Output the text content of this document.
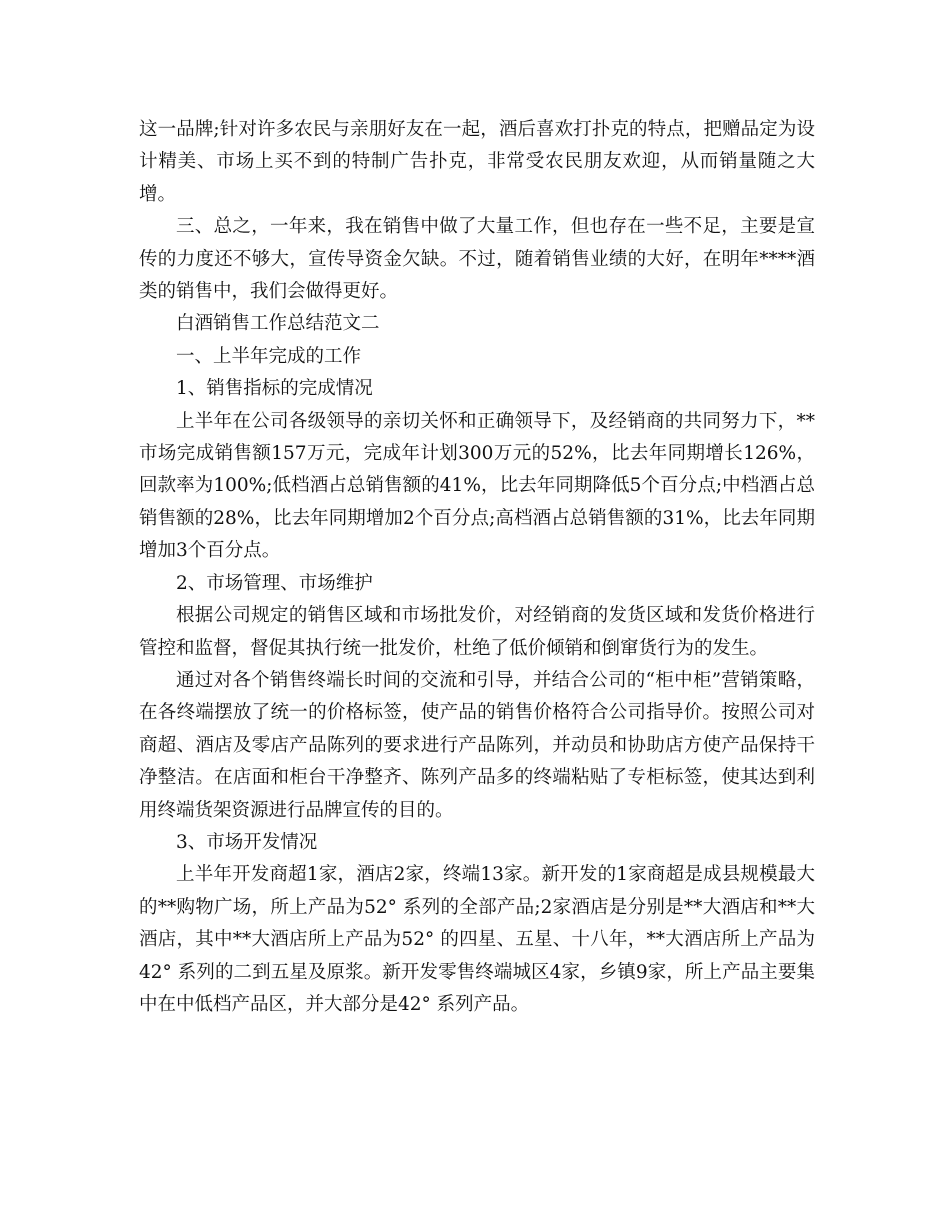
这一品牌;针对许多农民与亲朋好友在一起，酒后喜欢打扑克的特点，把赠品定为设计精美、市场上买不到的特制广告扑克，非常受农民朋友欢迎，从而销量随之大增。

三、总之，一年来，我在销售中做了大量工作，但也存在一些不足，主要是宣传的力度还不够大，宣传导资金欠缺。不过，随着销售业绩的大好，在明年****酒类的销售中，我们会做得更好。

白酒销售工作总结范文二

一、上半年完成的工作

1、销售指标的完成情况

上半年在公司各级领导的亲切关怀和正确领导下，及经销商的共同努力下，**市场完成销售额157万元，完成年计划300万元的52%，比去年同期增长126%，回款率为100%;低档酒占总销售额的41%，比去年同期降低5个百分点;中档酒占总销售额的28%，比去年同期增加2个百分点;高档酒占总销售额的31%，比去年同期增加3个百分点。

2、市场管理、市场维护

根据公司规定的销售区域和市场批发价，对经销商的发货区域和发货价格进行管控和监督，督促其执行统一批发价，杜绝了低价倾销和倒窜货行为的发生。

通过对各个销售终端长时间的交流和引导，并结合公司的“柜中柜”营销策略，在各终端摆放了统一的价格标签，使产品的销售价格符合公司指导价。按照公司对商超、酒店及零店产品陈列的要求进行产品陈列，并动员和协助店方使产品保持干净整洁。在店面和柜台干净整齐、陈列产品多的终端粘贴了专柜标签，使其达到利用终端货架资源进行品牌宣传的目的。

3、市场开发情况

上半年开发商超1家，酒店2家，终端13家。新开发的1家商超是成县规模最大的**购物广场，所上产品为52° 系列的全部产品;2家酒店是分别是**大酒店和**大酒店，其中**大酒店所上产品为52° 的四星、五星、十八年，**大酒店所上产品为42° 系列的二到五星及原浆。新开发零售终端城区4家，乡镇9家，所上产品主要集中在中低档产品区，并大部分是42° 系列产品。
